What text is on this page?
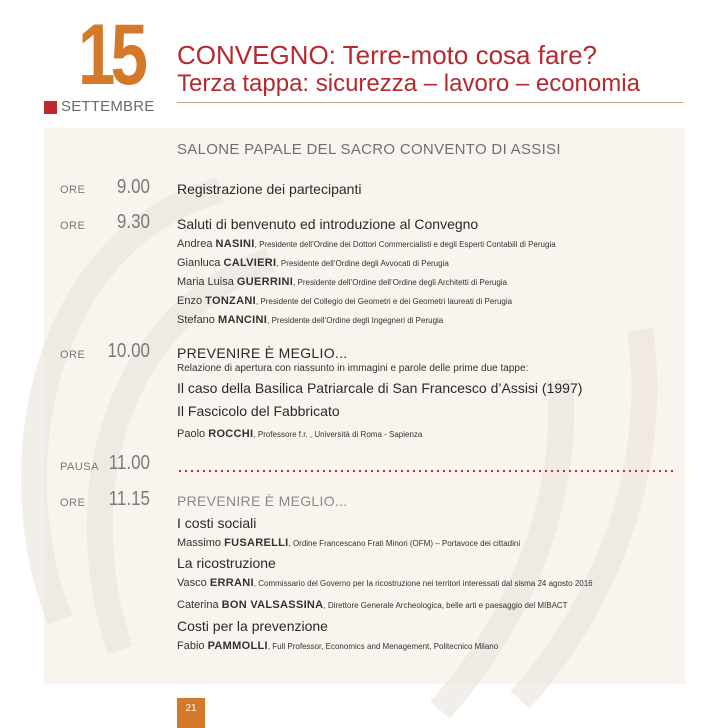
15
SETTEMBRE
CONVEGNO: Terre-moto cosa fare?
Terza tappa: sicurezza – lavoro – economia
SALONE PAPALE DEL SACRO CONVENTO DI ASSISI
ORE	9.00 Registrazione dei partecipanti
ORE	9.30 Saluti di benvenuto ed introduzione al Convegno
Andrea NASINI, Presidente dell’Ordine dei Dottori Commercialisti e degli Esperti Contabili di Perugia
Gianluca CALVIERI, Presidente dell’Ordine degli Avvocati di Perugia
Maria Luisa GUERRINI, Presidente dell’Ordine dell’Ordine degli Architetti di Perugia
Enzo TONZANI, Presidente del Collegio dei Geometri e dei Geometri laureati di Perugia
Stefano MANCINI, Presidente dell’Ordine degli Ingegneri di Perugia
ORE	10.00 PREVENIRE È MEGLIO...
Relazione di apertura con riassunto in immagini e parole delle prime due tappe:
Il caso della Basilica Patriarcale di San Francesco d’Assisi (1997)
Il Fascicolo del Fabbricato
Paolo ROCCHI, Professore f.r. , Università di Roma - Sapienza
PAUSA 11.00
ORE	11.15 PREVENIRE È MEGLIO...
I costi sociali
Massimo FUSARELLI, Ordine Francescano Frati Minori (OFM) – Portavoce dei cittadini
La ricostruzione
Vasco ERRANI, Commissario del Governo per la ricostruzione nei territori interessati dal sisma 24 agosto 2016
Caterina BON VALSASSINA, Direttore Generale Archeologica, belle arti e paesaggio del MIBACT
Costi per la prevenzione
Fabio PAMMOLLI, Full Professor, Economics and Menagement, Politecnico Milano
21
